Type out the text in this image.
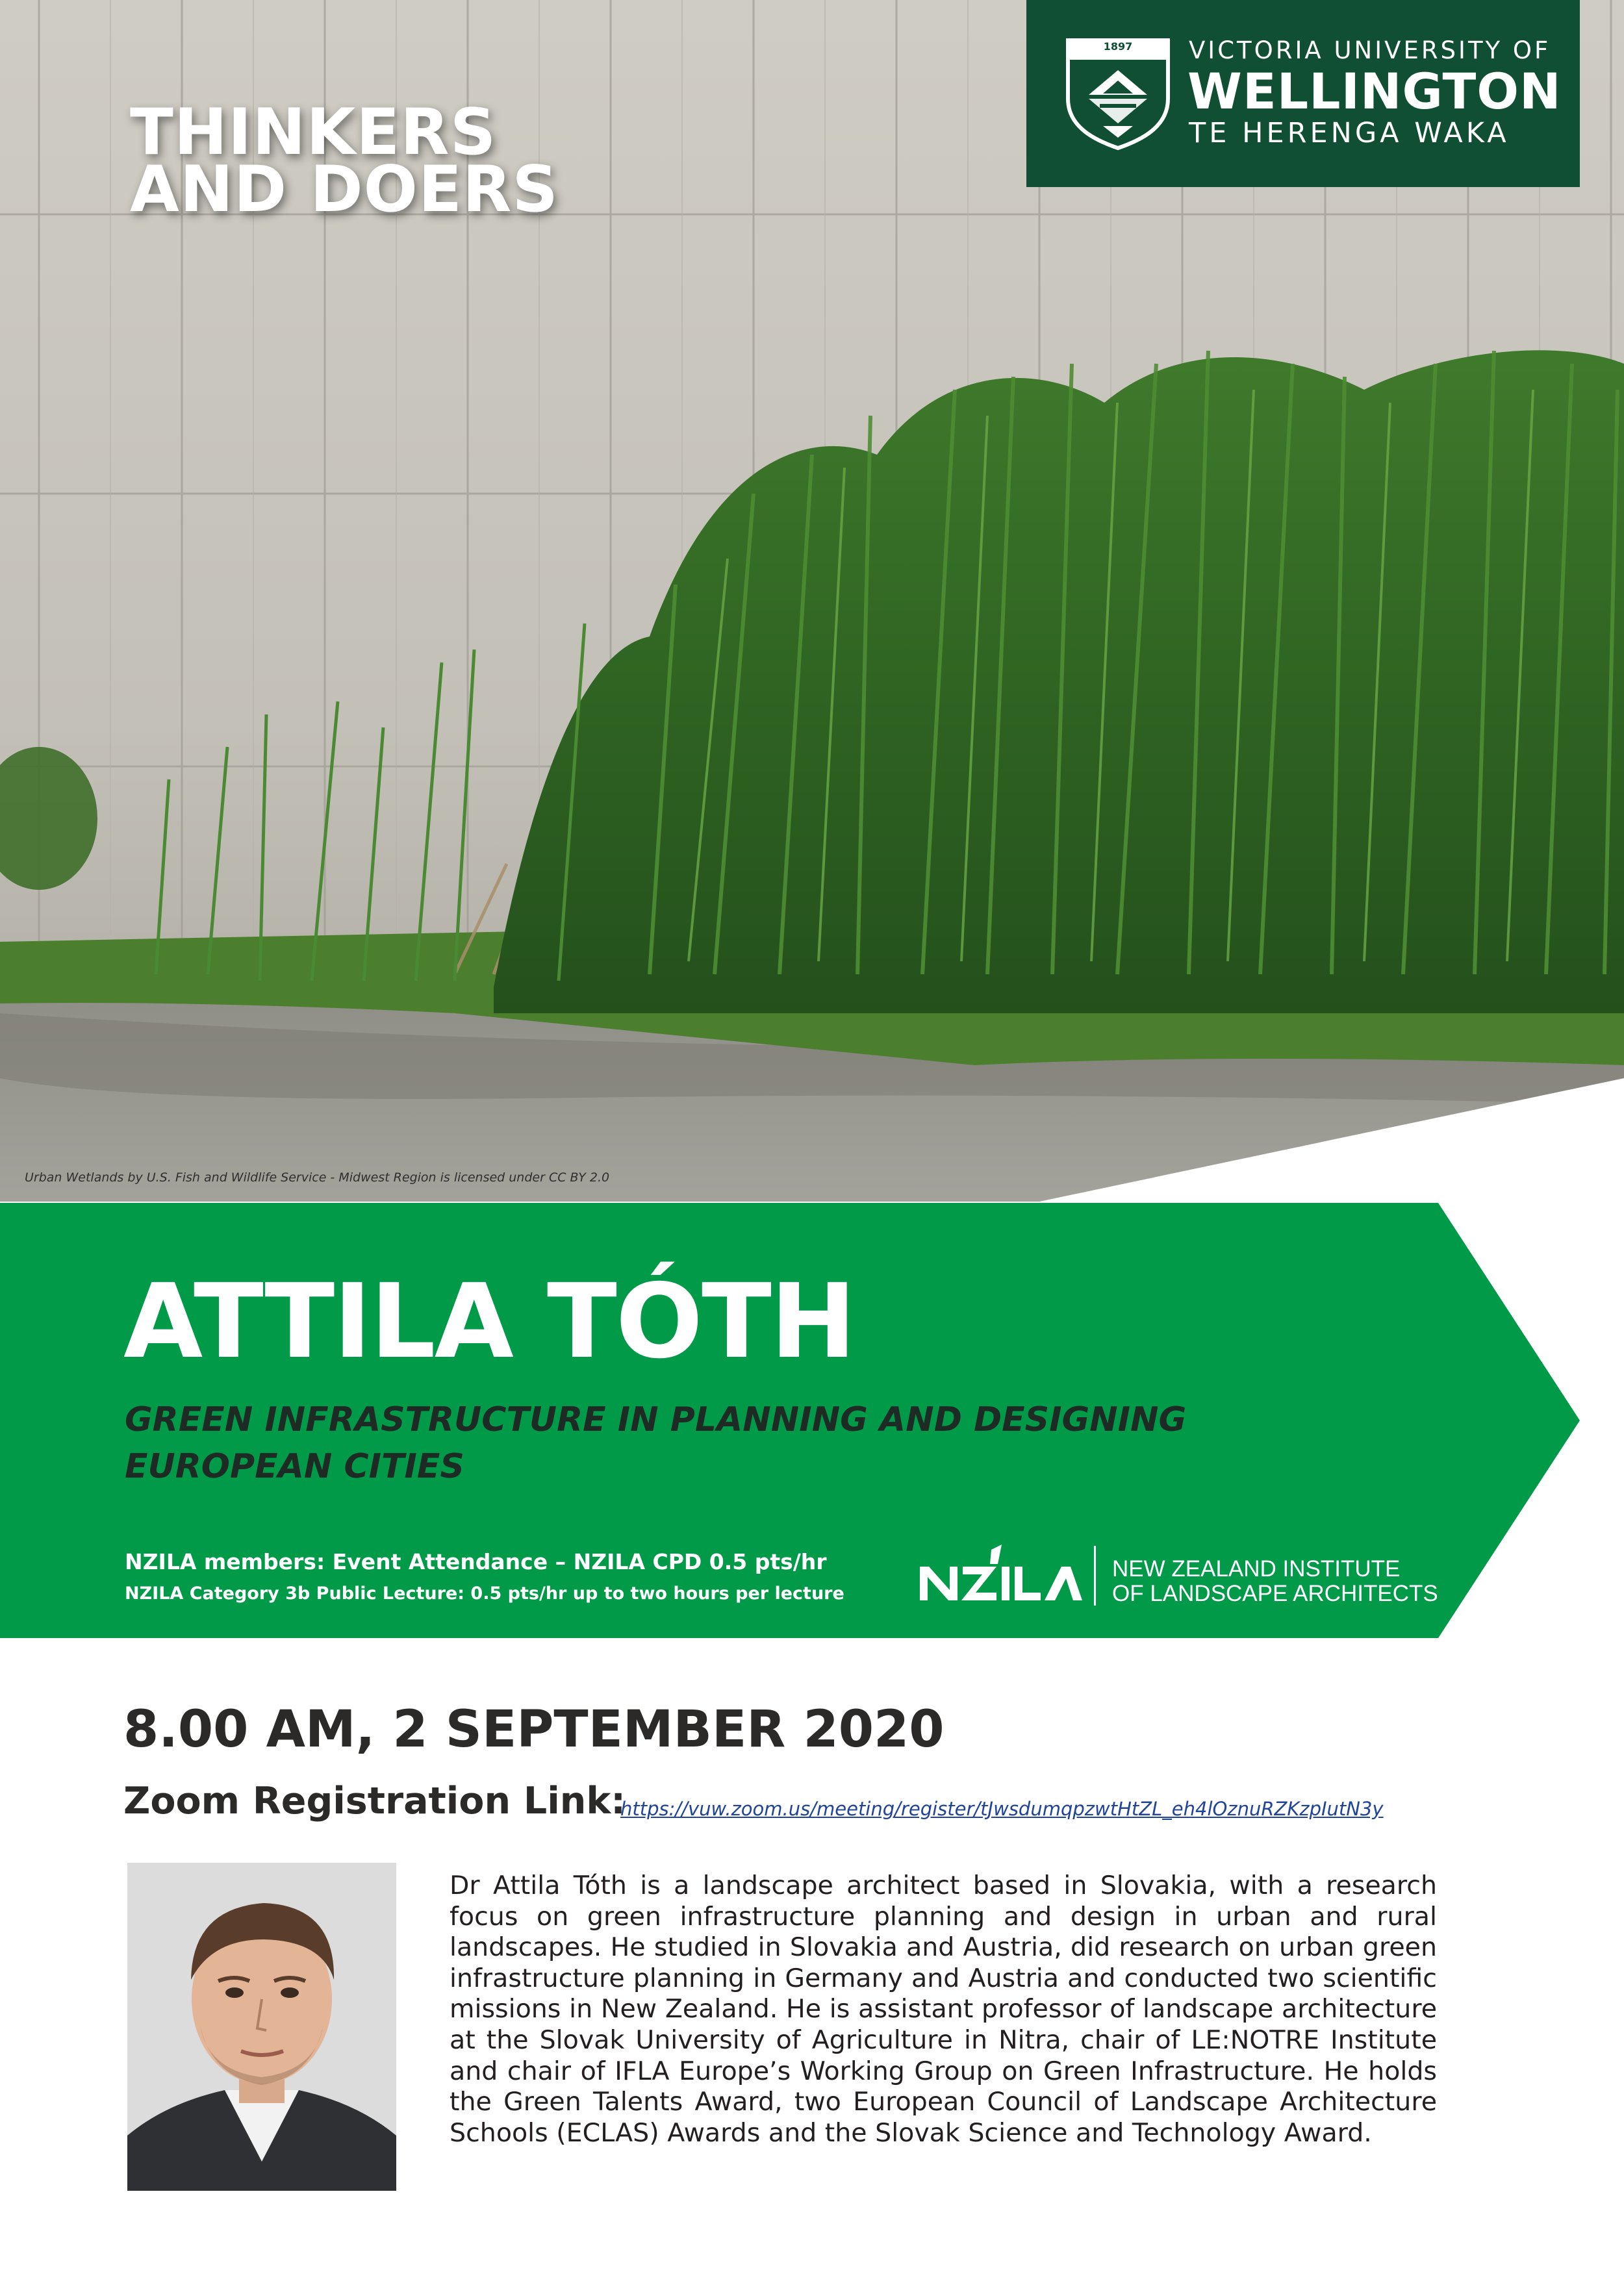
THINKERS
AND DOERS
Urban Wetlands by U.S. Fish and Wildlife Service - Midwest Region is licensed under CC BY 2.0
1897	VICTORIA UNIVERSITY OF
WELLINGTON
TE HERENGA WAKA
ATTILA TÓTH
GREEN INFRASTRUCTURE IN PLANNING AND DESIGNING
EUROPEAN CITIES
NZILA members: Event Attendance – NZILA CPD 0.5 pts/hr
NZILA Category 3b Public Lecture: 0.5 pts/hr up to two hours per lecture
NEW ZEALAND INSTITUTE
OF LANDSCAPE ARCHITECTS
8.00 AM, 2 SEPTEMBER 2020
Zoom Registration Link:
https://vuw.zoom.us/meeting/register/tJwsdumqpzwtHtZL_eh4lOznuRZKzpIutN3y
Dr Attila Tóth is a landscape architect based in Slovakia, with a research focus on green infrastructure planning and design in urban and rural landscapes. He studied in Slovakia and Austria, did research on urban green infrastructure planning in Germany and Austria and conducted two scientific missions in New Zealand. He is assistant professor of landscape architecture at the Slovak University of Agriculture in Nitra, chair of LE:NOTRE Institute and chair of IFLA Europe’s Working Group on Green Infrastructure. He holds the Green Talents Award, two European Council of Landscape Architecture Schools (ECLAS) Awards and the Slovak Science and Technology Award.
